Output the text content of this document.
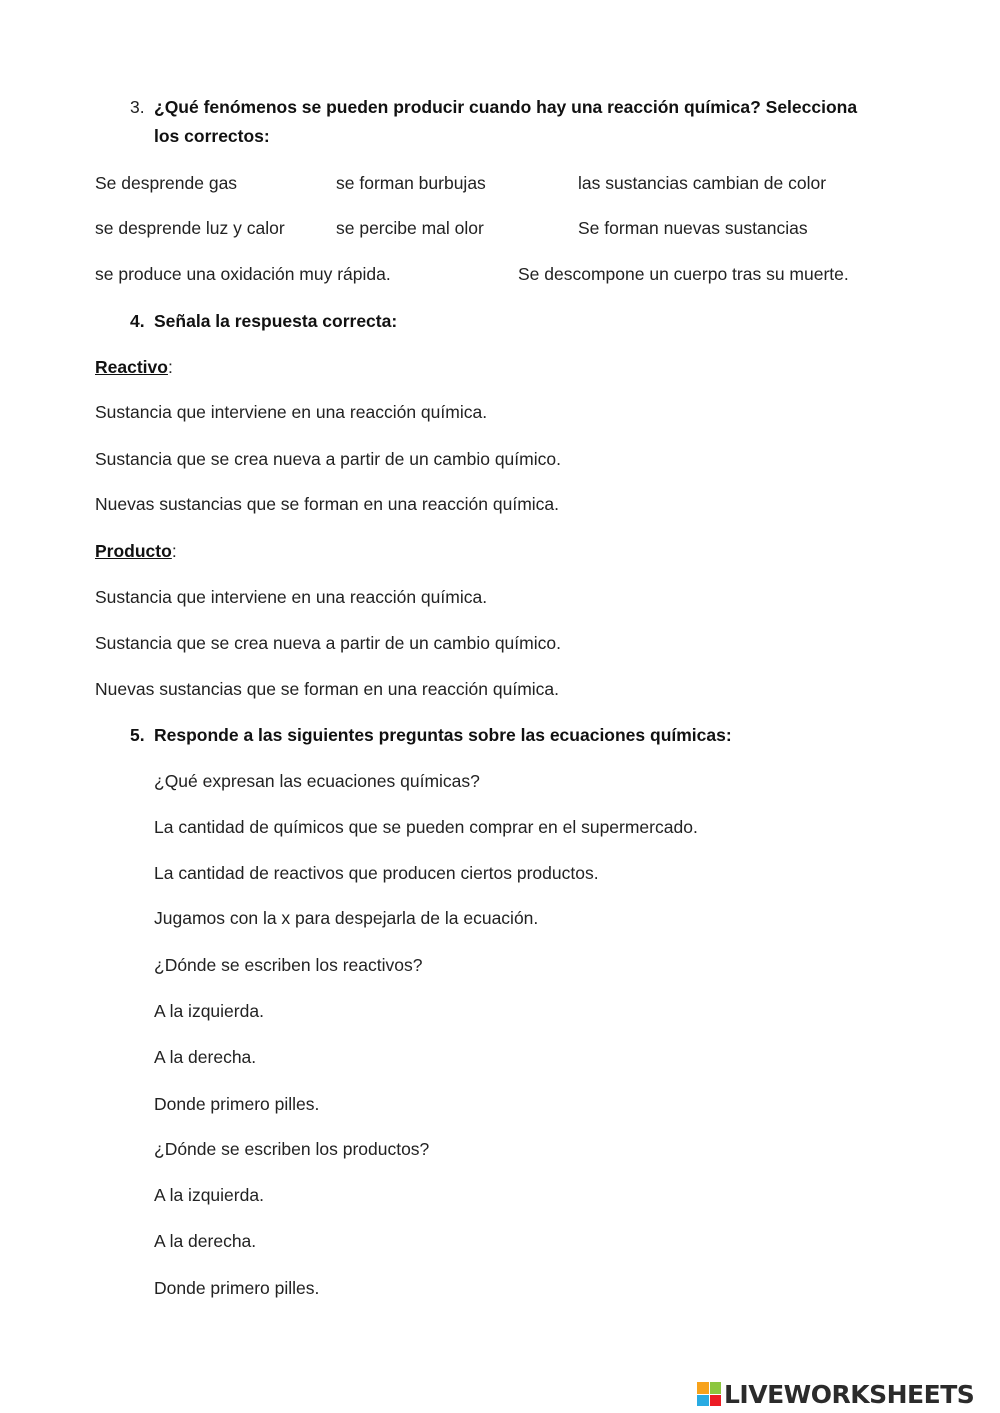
3. ¿Qué fenómenos se pueden producir cuando hay una reacción química? Selecciona

los correctos:

Se desprende gas	se forman burbujas	las sustancias cambian de color

se desprende luz y calor	se percibe mal olor	Se forman nuevas sustancias

se produce una oxidación muy rápida.	Se descompone un cuerpo tras su muerte.

4. Señala la respuesta correcta:

Reactivo:

Sustancia que interviene en una reacción química.

Sustancia que se crea nueva a partir de un cambio químico.

Nuevas sustancias que se forman en una reacción química.

Producto:

Sustancia que interviene en una reacción química.

Sustancia que se crea nueva a partir de un cambio químico.

Nuevas sustancias que se forman en una reacción química.

5. Responde a las siguientes preguntas sobre las ecuaciones químicas:

¿Qué expresan las ecuaciones químicas?

La cantidad de químicos que se pueden comprar en el supermercado.

La cantidad de reactivos que producen ciertos productos.

Jugamos con la x para despejarla de la ecuación.

¿Dónde se escriben los reactivos?

A la izquierda.

A la derecha.

Donde primero pilles.

¿Dónde se escriben los productos?

A la izquierda.

A la derecha.

Donde primero pilles.

LIVEWORKSHEETS
